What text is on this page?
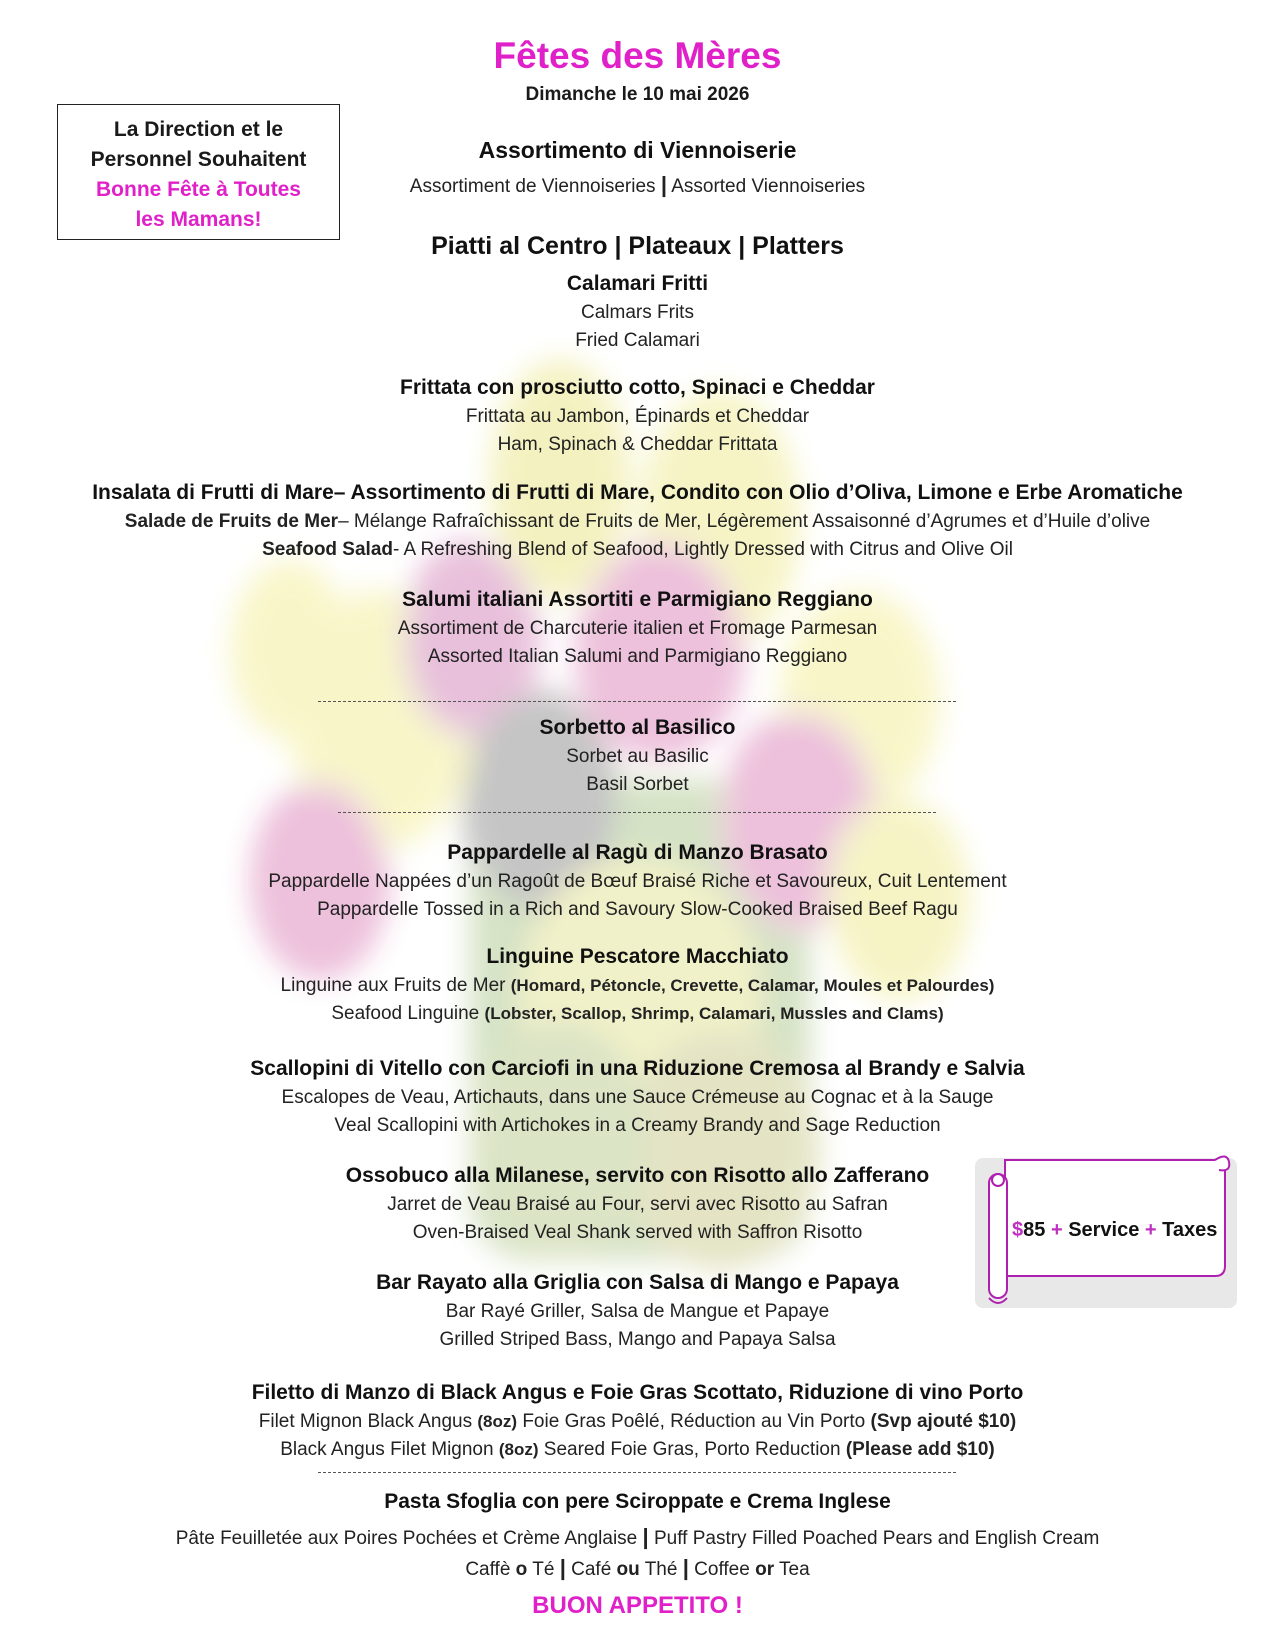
Fêtes des Mères
Dimanche le 10 mai 2026
La Direction et le
Personnel Souhaitent
Bonne Fête à Toutes
les Mamans!
Assortimento di Viennoiserie
Assortiment de Viennoiseries | Assorted Viennoiseries
Piatti al Centro | Plateaux | Platters
Calamari Fritti
Calmars Frits
Fried Calamari
Frittata con prosciutto cotto, Spinaci e Cheddar
Frittata au Jambon, Épinards et Cheddar
Ham, Spinach & Cheddar Frittata
Insalata di Frutti di Mare– Assortimento di Frutti di Mare, Condito con Olio d’Oliva, Limone e Erbe Aromatiche
Salade de Fruits de Mer– Mélange Rafraîchissant de Fruits de Mer, Légèrement Assaisonné d’Agrumes et d’Huile d’olive
Seafood Salad- A Refreshing Blend of Seafood, Lightly Dressed with Citrus and Olive Oil
Salumi italiani Assortiti e Parmigiano Reggiano
Assortiment de Charcuterie italien et Fromage Parmesan
Assorted Italian Salumi and Parmigiano Reggiano
Sorbetto al Basilico
Sorbet au Basilic
Basil Sorbet
Pappardelle al Ragù di Manzo Brasato
Pappardelle Nappées d’un Ragoût de Bœuf Braisé Riche et Savoureux, Cuit Lentement
Pappardelle Tossed in a Rich and Savoury Slow-Cooked Braised Beef Ragu
Linguine Pescatore Macchiato
Linguine aux Fruits de Mer (Homard, Pétoncle, Crevette, Calamar, Moules et Palourdes)
Seafood Linguine (Lobster, Scallop, Shrimp, Calamari, Mussles and Clams)
Scallopini di Vitello con Carciofi in una Riduzione Cremosa al Brandy e Salvia
Escalopes de Veau, Artichauts, dans une Sauce Crémeuse au Cognac et à la Sauge
Veal Scallopini with Artichokes in a Creamy Brandy and Sage Reduction
Ossobuco alla Milanese, servito con Risotto allo Zafferano
Jarret de Veau Braisé au Four, servi avec Risotto au Safran
Oven-Braised Veal Shank served with Saffron Risotto
Bar Rayato alla Griglia con Salsa di Mango e Papaya
Bar Rayé Griller, Salsa de Mangue et Papaye
Grilled Striped Bass, Mango and Papaya Salsa
Filetto di Manzo di Black Angus e Foie Gras Scottato, Riduzione di vino Porto
Filet Mignon Black Angus (8oz) Foie Gras Poêlé, Réduction au Vin Porto (Svp ajouté $10)
Black Angus Filet Mignon (8oz) Seared Foie Gras, Porto Reduction (Please add $10)
Pasta Sfoglia con pere Sciroppate e Crema Inglese
Pâte Feuilletée aux Poires Pochées et Crème Anglaise | Puff Pastry Filled Poached Pears and English Cream
Caffè o Té | Café ou Thé | Coffee or Tea
BUON APPETITO !
$85 + Service + Taxes
